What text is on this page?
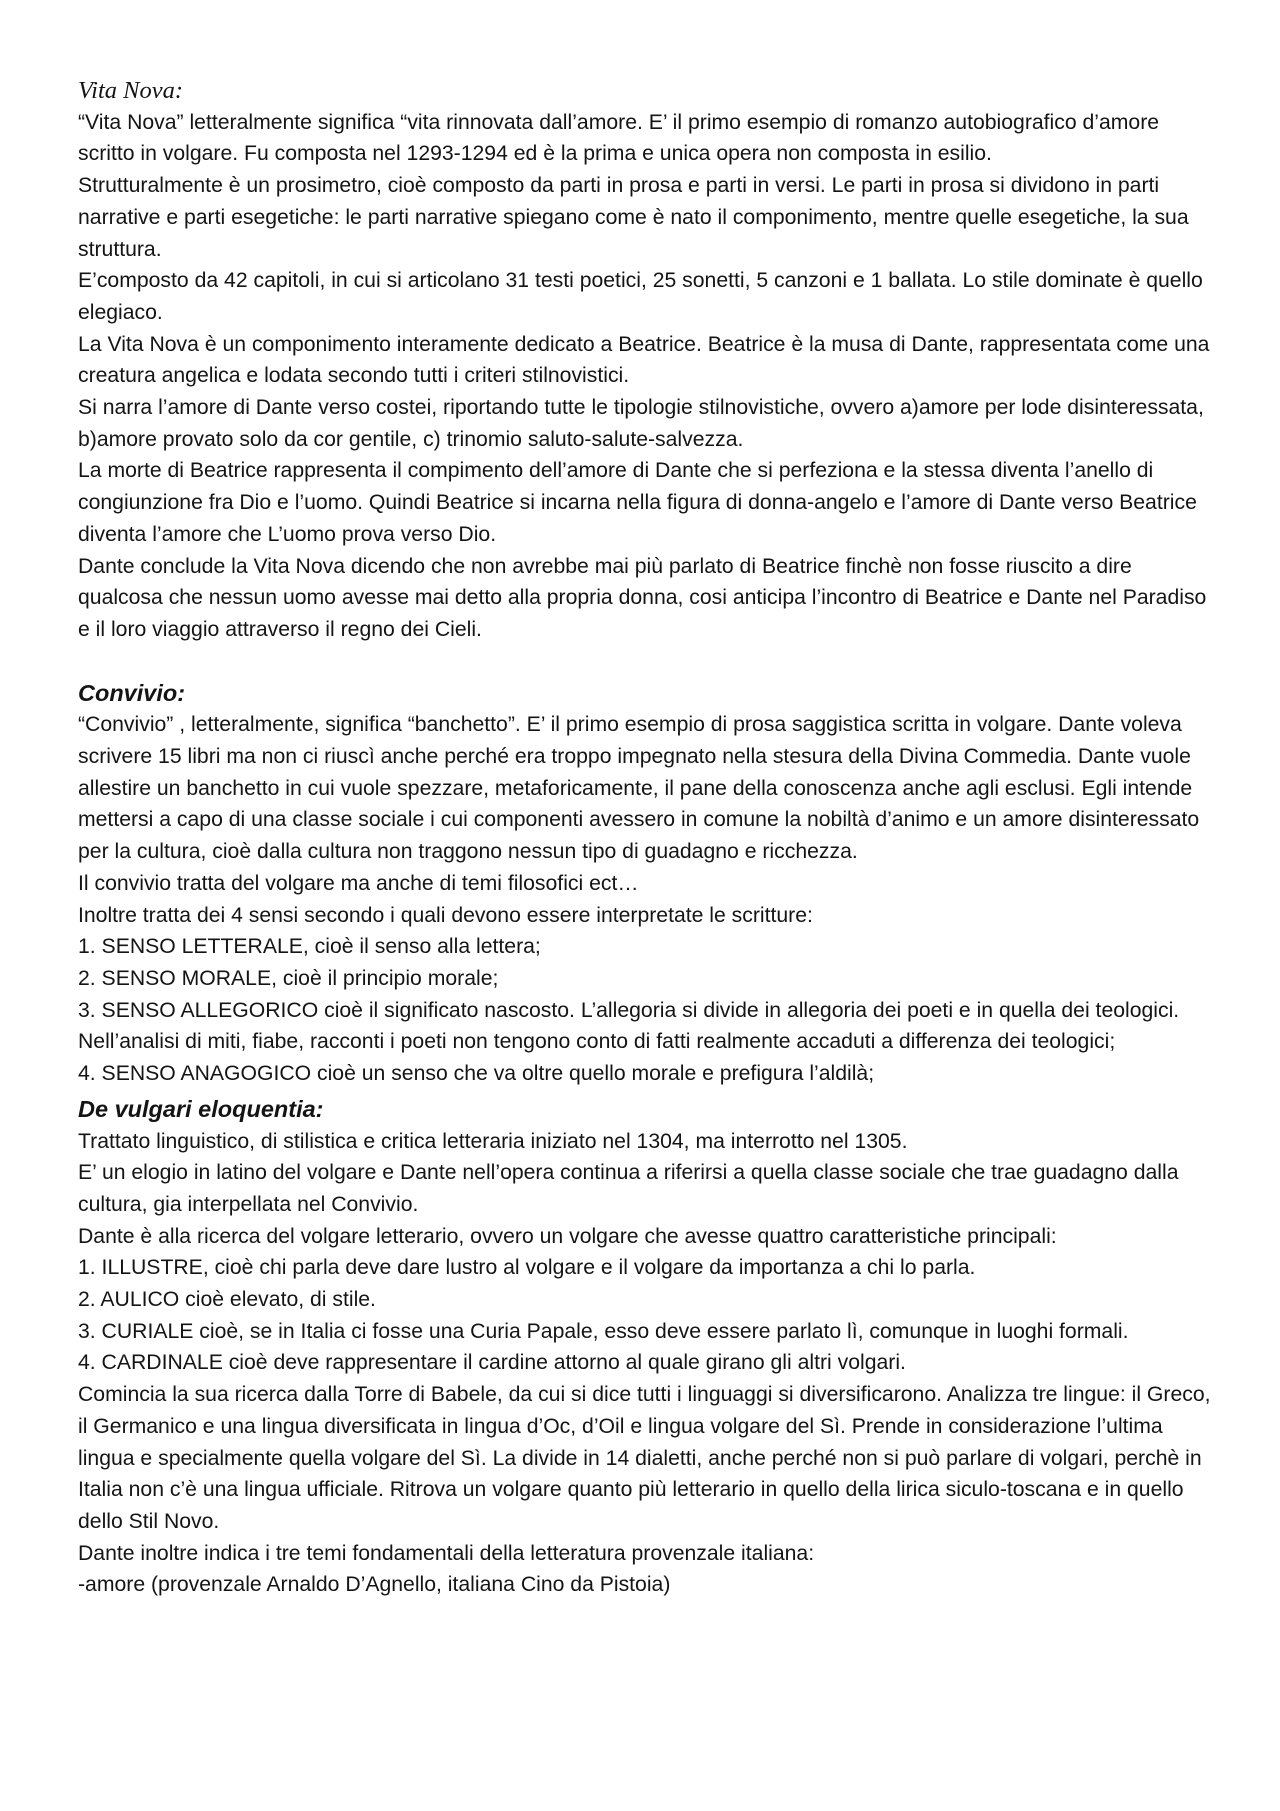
Vita Nova:

“Vita Nova” letteralmente significa “vita rinnovata dall’amore. E’ il primo esempio di romanzo autobiografico d’amore scritto in volgare. Fu composta nel 1293-1294 ed è la prima e unica opera non composta in esilio.

Strutturalmente è un prosimetro, cioè composto da parti in prosa e parti in versi. Le parti in prosa si dividono in parti narrative e parti esegetiche: le parti narrative spiegano come è nato il componimento, mentre quelle esegetiche, la sua struttura.

E’composto da 42 capitoli, in cui si articolano 31 testi poetici, 25 sonetti, 5 canzoni e 1 ballata. Lo stile dominate è quello elegiaco.

La Vita Nova è un componimento interamente dedicato a Beatrice. Beatrice è la musa di Dante, rappresentata come una creatura angelica e lodata secondo tutti i criteri stilnovistici.

Si narra l’amore di Dante verso costei, riportando tutte le tipologie stilnovistiche, ovvero a)amore per lode disinteressata, b)amore provato solo da cor gentile, c) trinomio saluto-salute-salvezza.

La morte di Beatrice rappresenta il compimento dell’amore di Dante che si perfeziona e la stessa diventa l’anello di congiunzione fra Dio e l’uomo. Quindi Beatrice si incarna nella figura di donna-angelo e l’amore di Dante verso Beatrice diventa l’amore che L’uomo prova verso Dio.

Dante conclude la Vita Nova dicendo che non avrebbe mai più parlato di Beatrice finchè non fosse riuscito a dire qualcosa che nessun uomo avesse mai detto alla propria donna, cosi anticipa l’incontro di Beatrice e Dante nel Paradiso e il loro viaggio attraverso il regno dei Cieli.

Convivio:

“Convivio” , letteralmente, significa “banchetto”. E’ il primo esempio di prosa saggistica scritta in volgare. Dante voleva scrivere 15 libri ma non ci riuscì anche perché era troppo impegnato nella stesura della Divina Commedia. Dante vuole allestire un banchetto in cui vuole spezzare, metaforicamente, il pane della conoscenza anche agli esclusi. Egli intende mettersi a capo di una classe sociale i cui componenti avessero in comune la nobiltà d’animo e un amore disinteressato per la cultura, cioè dalla cultura non traggono nessun tipo di guadagno e ricchezza.

Il convivio tratta del volgare ma anche di temi filosofici ect…

Inoltre tratta dei 4 sensi secondo i quali devono essere interpretate le scritture:

1. SENSO LETTERALE, cioè il senso alla lettera;

2. SENSO MORALE, cioè il principio morale;

3. SENSO ALLEGORICO cioè il significato nascosto. L’allegoria si divide in allegoria dei poeti e in quella dei teologici. Nell’analisi di miti, fiabe, racconti i poeti non tengono conto di fatti realmente accaduti a differenza dei teologici;

4. SENSO ANAGOGICO cioè un senso che va oltre quello morale e prefigura l’aldilà;

De vulgari eloquentia:

Trattato linguistico, di stilistica e critica letteraria iniziato nel 1304, ma interrotto nel 1305.

E’ un elogio in latino del volgare e Dante nell’opera continua a riferirsi a quella classe sociale che trae guadagno dalla cultura, gia interpellata nel Convivio.

Dante è alla ricerca del volgare letterario, ovvero un volgare che avesse quattro caratteristiche principali:

1. ILLUSTRE, cioè chi parla deve dare lustro al volgare e il volgare da importanza a chi lo parla.

2. AULICO cioè elevato, di stile.

3. CURIALE cioè, se in Italia ci fosse una Curia Papale, esso deve essere parlato lì, comunque in luoghi formali.

4. CARDINALE cioè deve rappresentare il cardine attorno al quale girano gli altri volgari.

Comincia la sua ricerca dalla Torre di Babele, da cui si dice tutti i linguaggi si diversificarono. Analizza tre lingue: il Greco, il Germanico e una lingua diversificata in lingua d’Oc, d’Oil e lingua volgare del Sì. Prende in considerazione l’ultima lingua e specialmente quella volgare del Sì. La divide in 14 dialetti, anche perché non si può parlare di volgari, perchè in Italia non c’è una lingua ufficiale. Ritrova un volgare quanto più letterario in quello della lirica siculo-toscana e in quello dello Stil Novo.

Dante inoltre indica i tre temi fondamentali della letteratura provenzale italiana:

-amore (provenzale Arnaldo D’Agnello, italiana Cino da Pistoia)
